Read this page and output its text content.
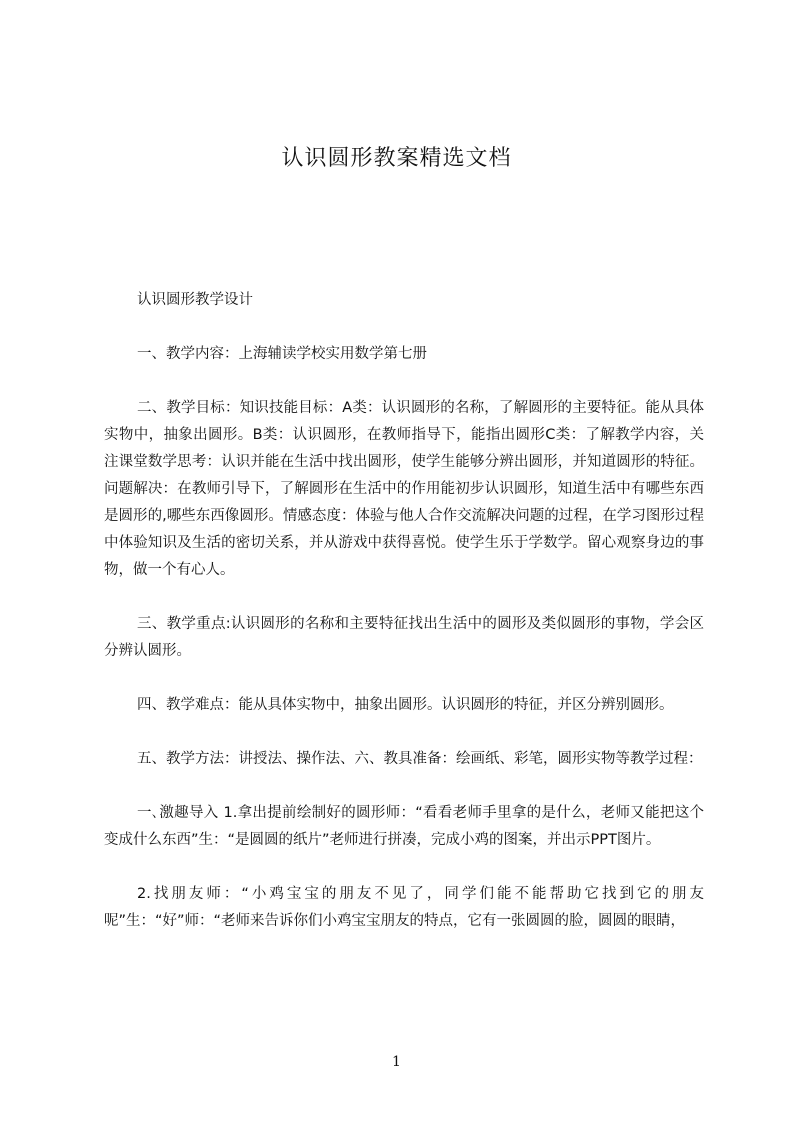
认识圆形教案精选文档

认识圆形教学设计

一、教学内容：上海辅读学校实用数学第七册

二、教学目标：知识技能目标：A类：认识圆形的名称，了解圆形的主要特征。能从具体实物中，抽象出圆形。B类：认识圆形，在教师指导下，能指出圆形C类：了解教学内容，关注课堂数学思考：认识并能在生活中找出圆形，使学生能够分辨出圆形，并知道圆形的特征。问题解决：在教师引导下，了解圆形在生活中的作用能初步认识圆形，知道生活中有哪些东西是圆形的,哪些东西像圆形。情感态度：体验与他人合作交流解决问题的过程，在学习图形过程中体验知识及生活的密切关系，并从游戏中获得喜悦。使学生乐于学数学。留心观察身边的事物，做一个有心人。

三、教学重点:认识圆形的名称和主要特征找出生活中的圆形及类似圆形的事物，学会区分辨认圆形。

四、教学难点：能从具体实物中，抽象出圆形。认识圆形的特征，并区分辨别圆形。

五、教学方法：讲授法、操作法、六、教具准备：绘画纸、彩笔，圆形实物等教学过程：

一､激趣导入 1.拿出提前绘制好的圆形师：“看看老师手里拿的是什么，老师又能把这个变成什么东西”生：“是圆圆的纸片”老师进行拼凑，完成小鸡的图案，并出示PPT图片。

2.找朋友师：“小鸡宝宝的朋友不见了，同学们能不能帮助它找到它的朋友呢”生：“好”师：“老师来告诉你们小鸡宝宝朋友的特点，它有一张圆圆的脸，圆圆的眼睛，

1
